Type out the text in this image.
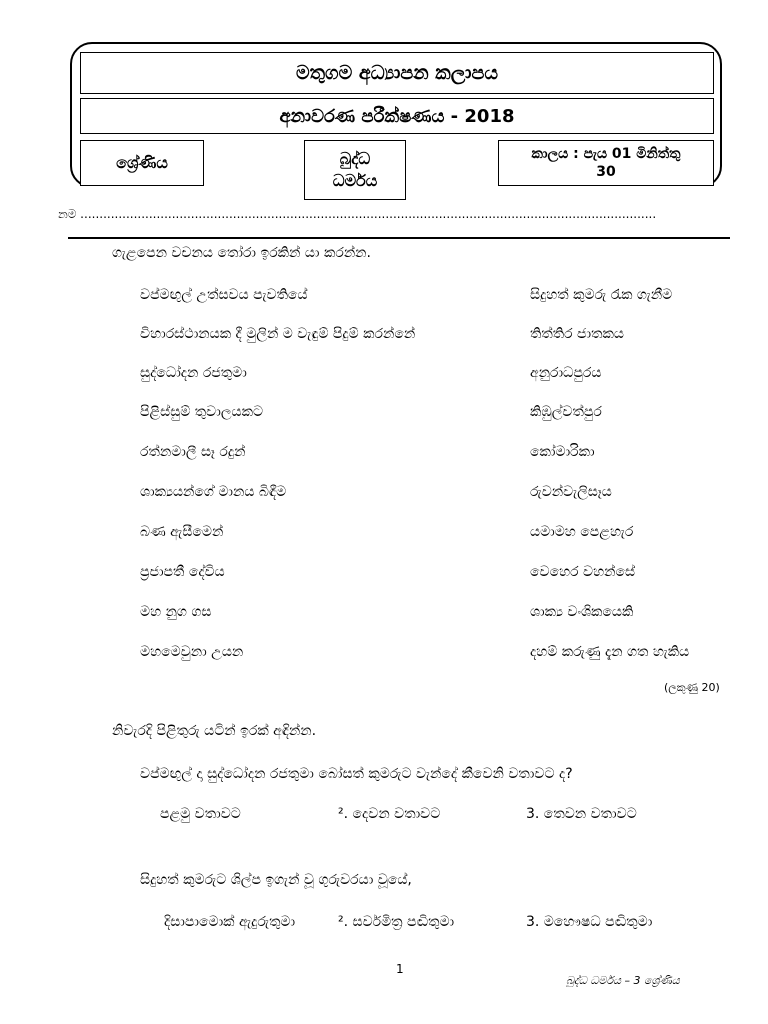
මතුගම අධ්‍යාපන කලාපය
අනාවරණ පරීක්ෂණය - 2018
ශ්‍රේණිය	බුද්ධ
ධර්මය
කාලය : පැය 01 මිනිත්තු
30
නම .......................................................................................................................................................
ගැළපෙන වචනය තෝරා ඉරකින් යා කරන්න.
වප්මඟුල් උත්සවය පැවතියේ
විහාරස්ථානයක දී මුලින් ම වැඳුම් පිදුම් කරන්නේ
සුද්ධෝදන රජතුමා
පිළිස්සුම් තුවාලයකට
රත්නමාලී සෑ රදුන්
ශාක්‍යයන්ගේ මානය බිඳීම
බණ ඇසීමෙන්
ප්‍රජාපතී දේවිය
මහ නුග ගස
මහමෙවුනා උයන
සිදුහත් කුමරු රැක ගැනීම
තිත්තිර ජාතකය
අනුරාධපුරය
කිඹුල්වත්පුර
කෝමාරිකා
රුවන්වැලිසෑය
යමාමහ පෙළහැර
වෙහෙර වහන්සේ
ශාක්‍ය වංශිකයෙකි
දහම් කරුණු දැන ගත හැකිය
(ලකුණු 20)
නිවැරදි පිළිතුරු යටින් ඉරක් අඳින්න.
වප්මඟුල් දා සුද්ධෝදන රජතුමා බෝසත් කුමරුට වැන්දේ කීවෙනි වතාවට ද?
පළමු වතාවට	². දෙවන වතාවට	3. තෙවන වතාවට
සිදුහත් කුමරුට ශිල්ප ඉගැන් වූ ගුරුවරයා වූයේ,
දිසාපාමොක් ඇදුරුතුමා	². සර්වමිත්‍ර පඬිතුමා	3. මහෞෂධ පඬිතුමා
1
බුද්ධ ධර්මය – 3 ශ්‍රේණිය
